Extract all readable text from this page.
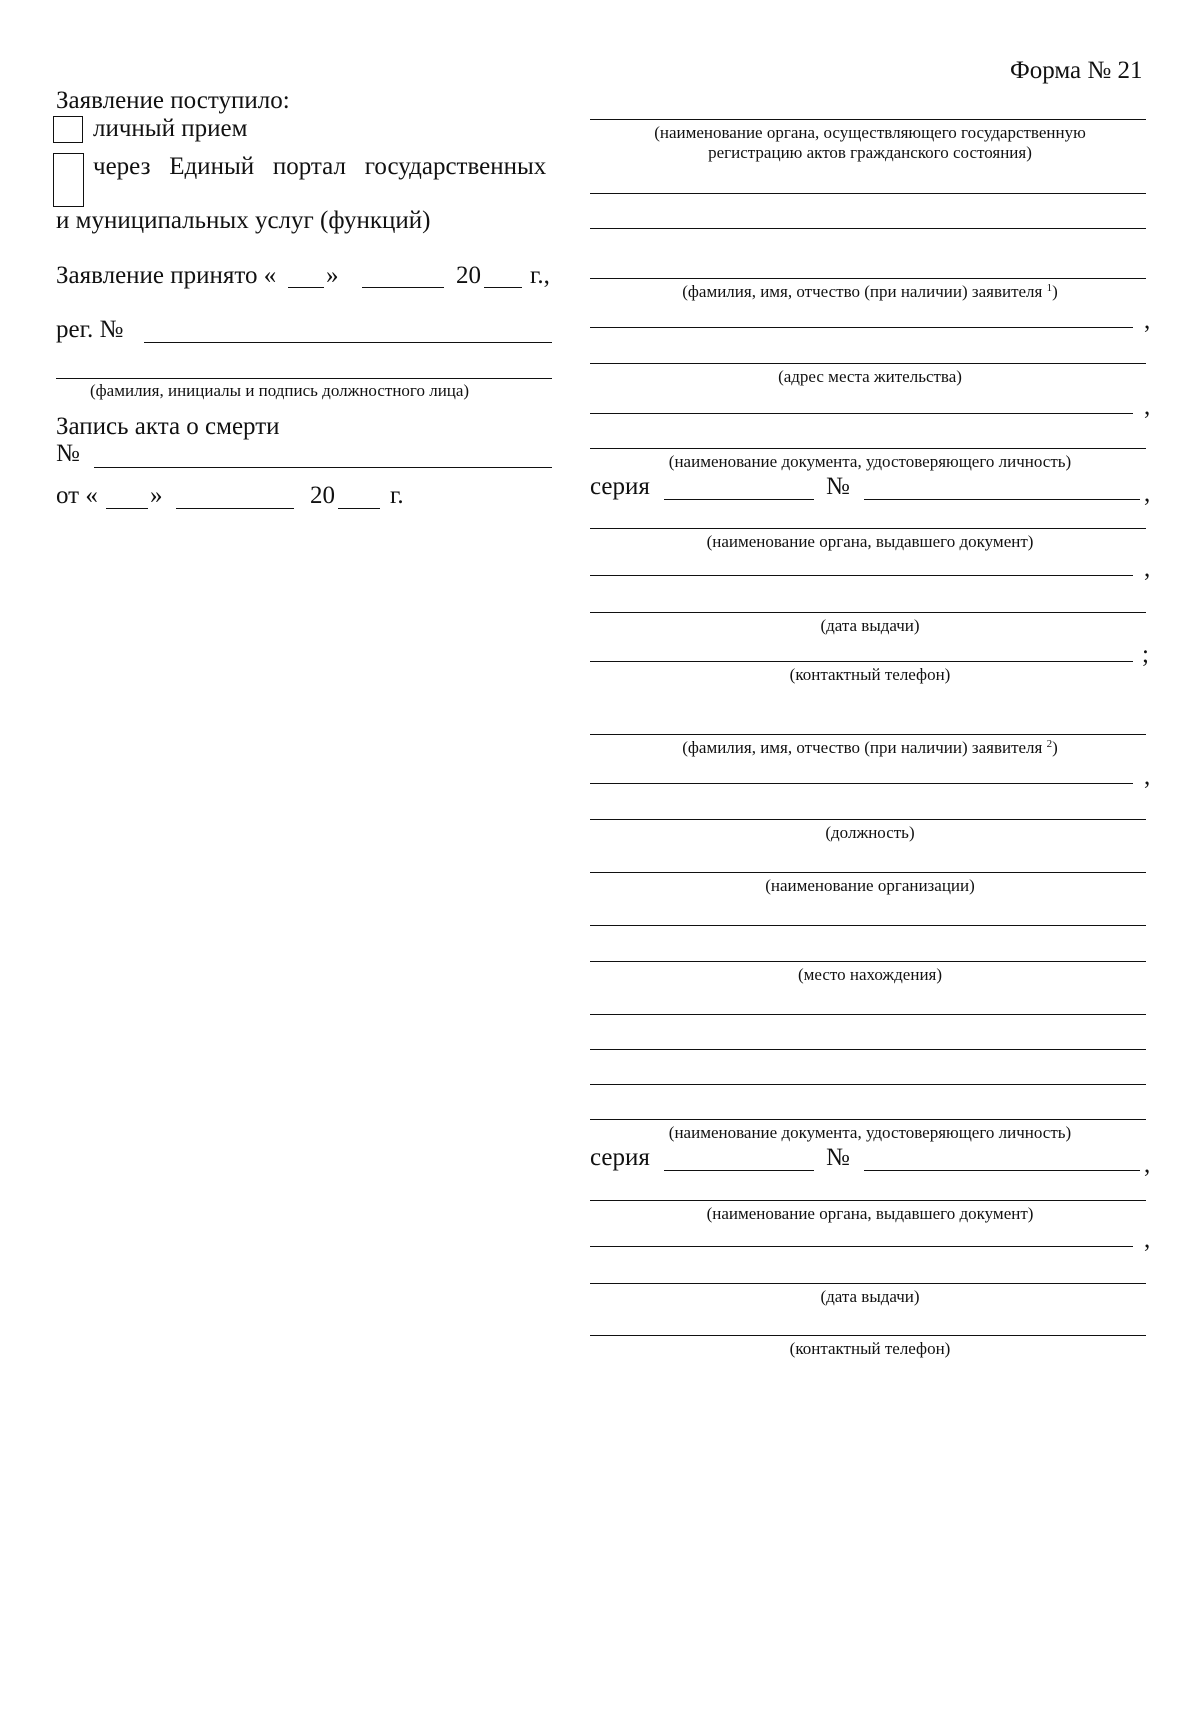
Форма № 21
Заявление поступило:
личный прием
через   Единый   портал   государственных
и муниципальных услуг (функций)
Заявление принято « »	20 г.,
рег. №
(фамилия, инициалы и подпись должностного лица)
Запись акта о смерти
№
от « »	20 г.
(наименование органа, осуществляющего государственную
регистрацию актов гражданского состояния)
(фамилия, имя, отчество (при наличии) заявителя $^1$)
,
(адрес места жительства)
,
(наименование документа, удостоверяющего личность)
серия	№	,
(наименование органа, выдавшего документ)
,
(дата выдачи)
;
(контактный телефон)
(фамилия, имя, отчество (при наличии) заявителя $^2$)
,
(должность)
(наименование организации)
(место нахождения)
(наименование документа, удостоверяющего личность)
серия	№	,
(наименование органа, выдавшего документ)
,
(дата выдачи)
(контактный телефон)
